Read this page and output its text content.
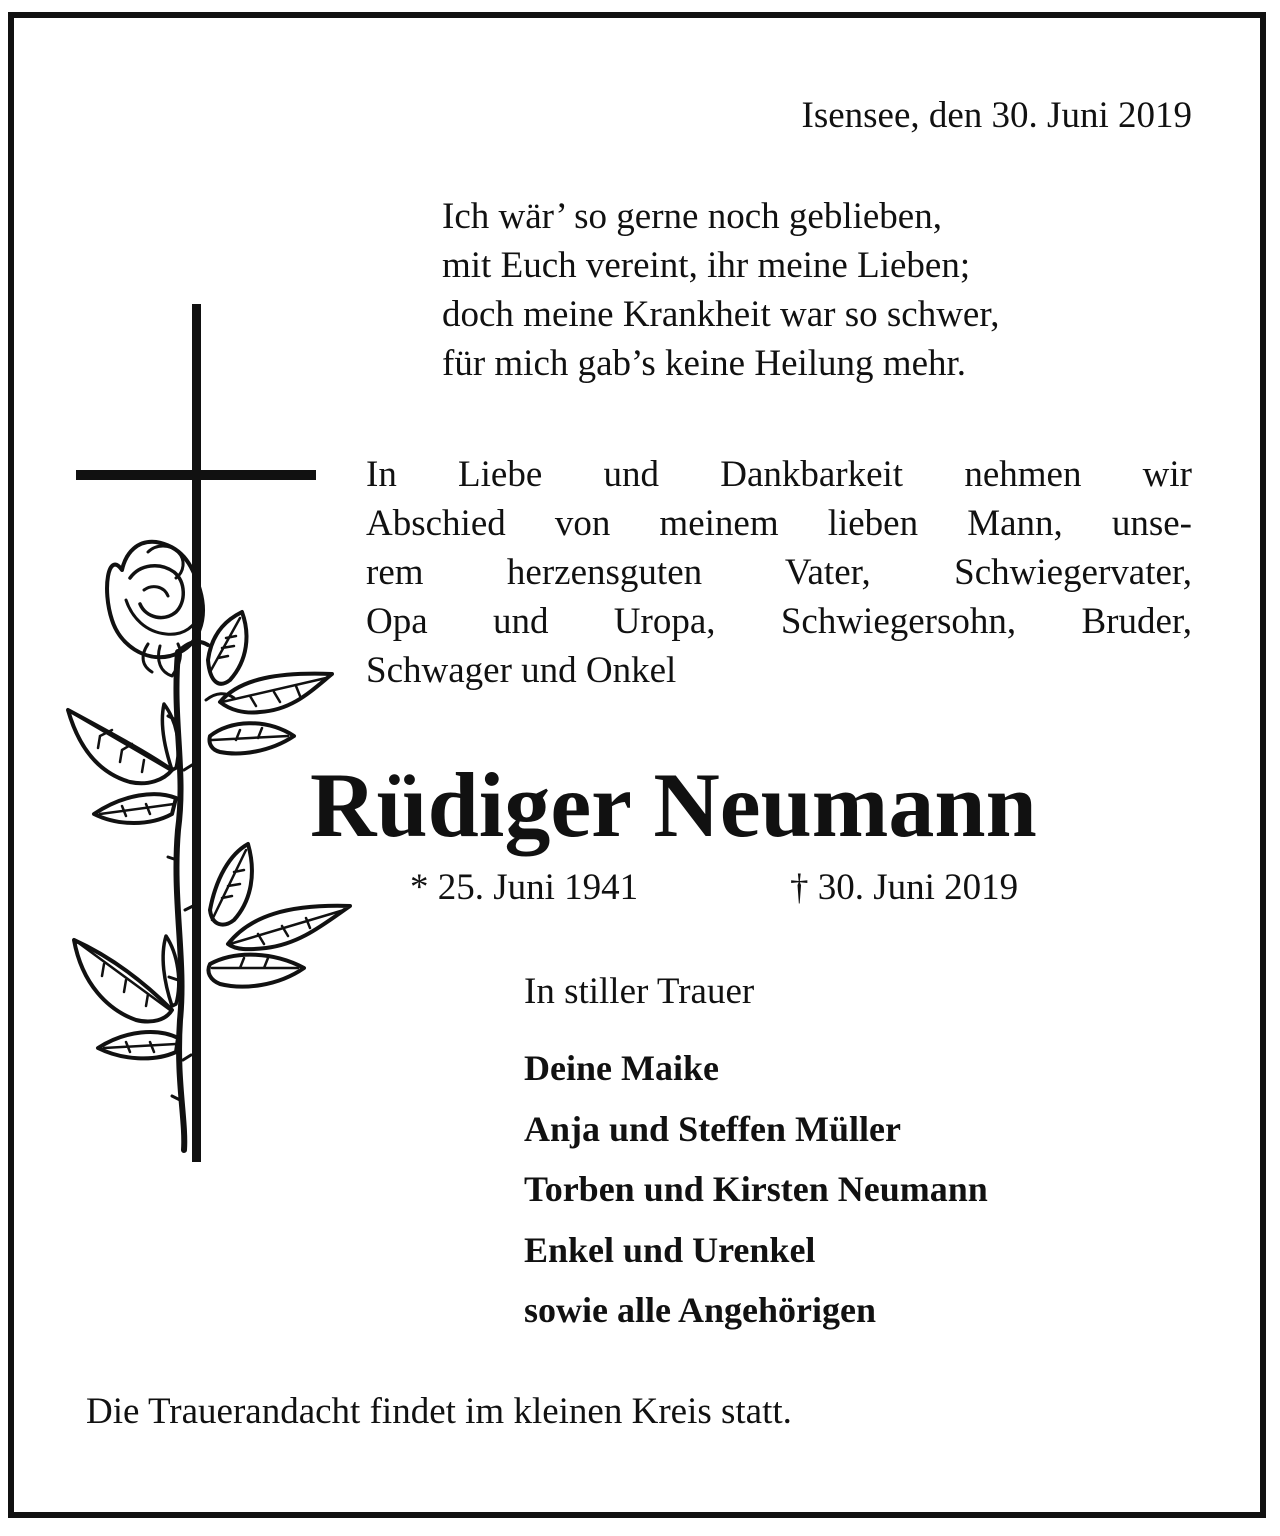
Isensee, den 30. Juni 2019
Ich wär’ so gerne noch geblieben,
mit Euch vereint, ihr meine Lieben;
doch meine Krankheit war so schwer,
für mich gab’s keine Heilung mehr.
In Liebe und Dankbarkeit nehmen wir
Abschied von meinem lieben Mann, unse-
rem herzensguten Vater, Schwiegervater,
Opa und Uropa, Schwiegersohn, Bruder,
Schwager und Onkel
Rüdiger Neumann
* 25. Juni 1941	† 30. Juni 2019
In stiller Trauer
Deine Maike
Anja und Steffen Müller
Torben und Kirsten Neumann
Enkel und Urenkel
sowie alle Angehörigen
Die Trauerandacht findet im kleinen Kreis statt.
